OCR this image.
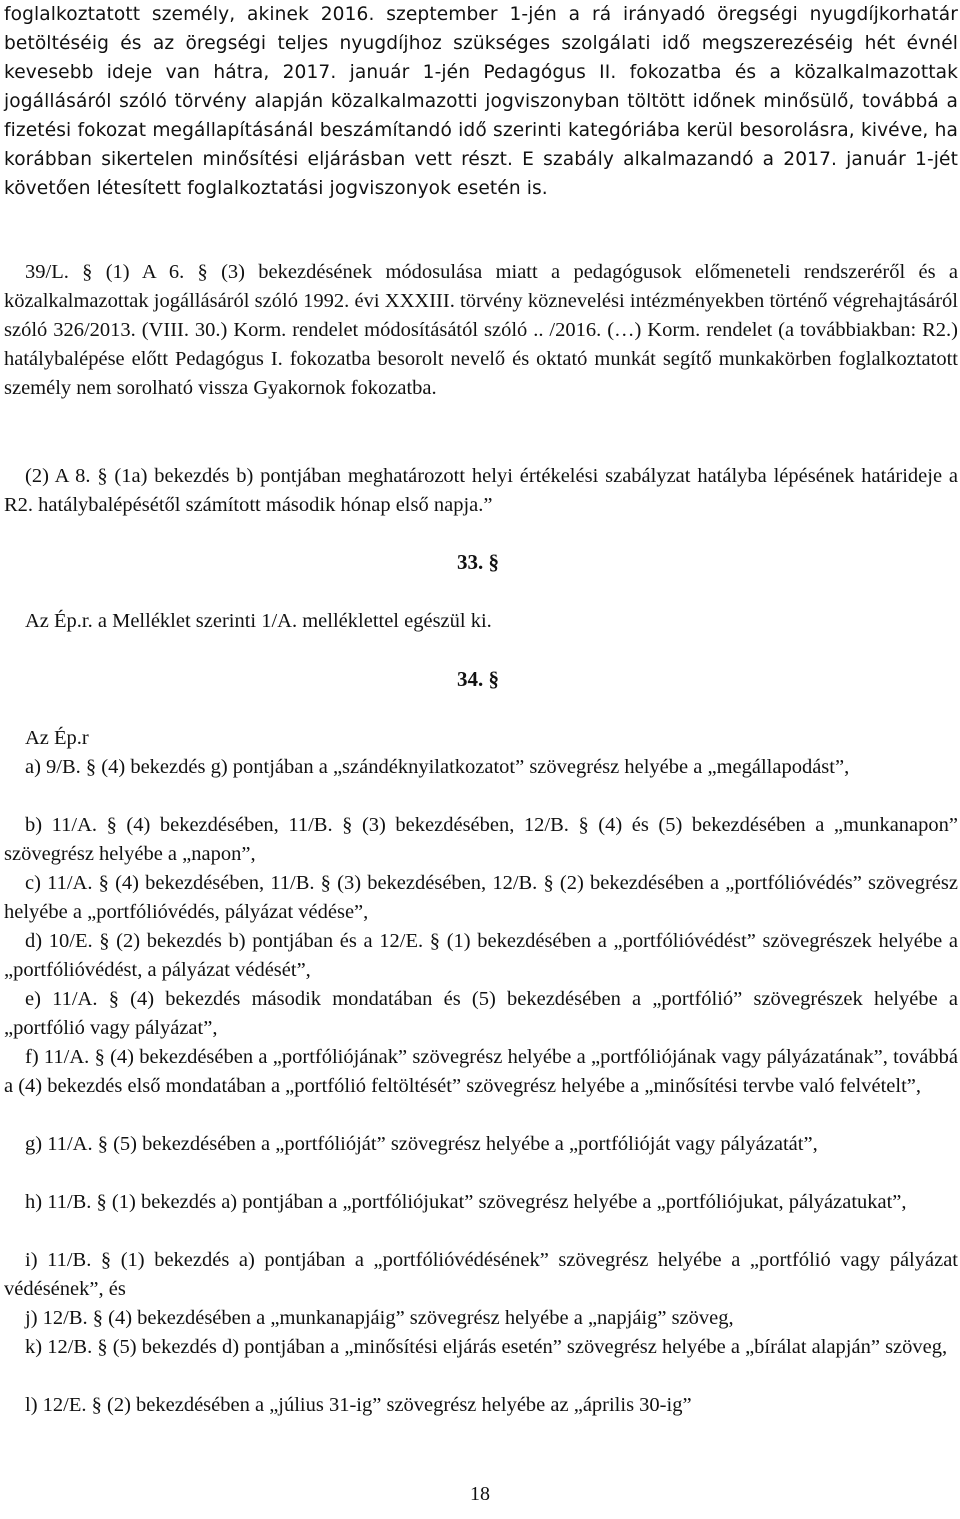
foglalkoztatott személy, akinek 2016. szeptember 1-jén a rá irányadó öregségi nyugdíjkorhatár betöltéséig és az öregségi teljes nyugdíjhoz szükséges szolgálati idő megszerezéséig hét évnél kevesebb ideje van hátra, 2017. január 1-jén Pedagógus II. fokozatba és a közalkalmazottak jogállásáról szóló törvény alapján közalkalmazotti jogviszonyban töltött időnek minősülő, továbbá a fizetési fokozat megállapításánál beszámítandó idő szerinti kategóriába kerül besorolásra, kivéve, ha korábban sikertelen minősítési eljárásban vett részt. E szabály alkalmazandó a 2017. január 1-jét követően létesített foglalkoztatási jogviszonyok esetén is.

39/L. § (1) A 6. § (3) bekezdésének módosulása miatt a pedagógusok előmeneteli rendszeréről és a közalkalmazottak jogállásáról szóló 1992. évi XXXIII. törvény köznevelési intézményekben történő végrehajtásáról szóló 326/2013. (VIII. 30.) Korm. rendelet módosításától szóló .. /2016. (…) Korm. rendelet (a továbbiakban: R2.) hatálybalépése előtt Pedagógus I. fokozatba besorolt nevelő és oktató munkát segítő munkakörben foglalkoztatott személy nem sorolható vissza Gyakornok fokozatba.

(2) A 8. § (1a) bekezdés b) pontjában meghatározott helyi értékelési szabályzat hatályba lépésének határideje a R2. hatálybalépésétől számított második hónap első napja.”

33. §

Az Ép.r. a Melléklet szerinti 1/A. melléklettel egészül ki.

34. §

Az Ép.r

a) 9/B. § (4) bekezdés g) pontjában a „szándéknyilatkozatot” szövegrész helyébe a „megállapodást”,

b) 11/A. § (4) bekezdésében, 11/B. § (3) bekezdésében, 12/B. § (4) és (5) bekezdésében a „munkanapon” szövegrész helyébe a „napon”,

c) 11/A. § (4) bekezdésében, 11/B. § (3) bekezdésében, 12/B. § (2) bekezdésében a „portfólióvédés” szövegrész helyébe a „portfólióvédés, pályázat védése”,

d) 10/E. § (2) bekezdés b) pontjában és a 12/E. § (1) bekezdésében a „portfólióvédést” szövegrészek helyébe a „portfólióvédést, a pályázat védését”,

e) 11/A. § (4) bekezdés második mondatában és (5) bekezdésében a „portfólió” szövegrészek helyébe a „portfólió vagy pályázat”,

f) 11/A. § (4) bekezdésében a „portfóliójának” szövegrész helyébe a „portfóliójának vagy pályázatának”, továbbá a (4) bekezdés első mondatában a „portfólió feltöltését” szövegrész helyébe a „minősítési tervbe való felvételt”,

g) 11/A. § (5) bekezdésében a „portfólióját” szövegrész helyébe a „portfólióját vagy pályázatát”,

h) 11/B. § (1) bekezdés a) pontjában a „portfóliójukat” szövegrész helyébe a „portfóliójukat, pályázatukat”,

i) 11/B. § (1) bekezdés a) pontjában a „portfólióvédésének” szövegrész helyébe a „portfólió vagy pályázat védésének”, és

j) 12/B. § (4) bekezdésében a „munkanapjáig” szövegrész helyébe a „napjáig” szöveg,

k) 12/B. § (5) bekezdés d) pontjában a „minősítési eljárás esetén” szövegrész helyébe a „bírálat alapján” szöveg,

l) 12/E. § (2) bekezdésében a „július 31-ig” szövegrész helyébe az „április 30-ig”

18
